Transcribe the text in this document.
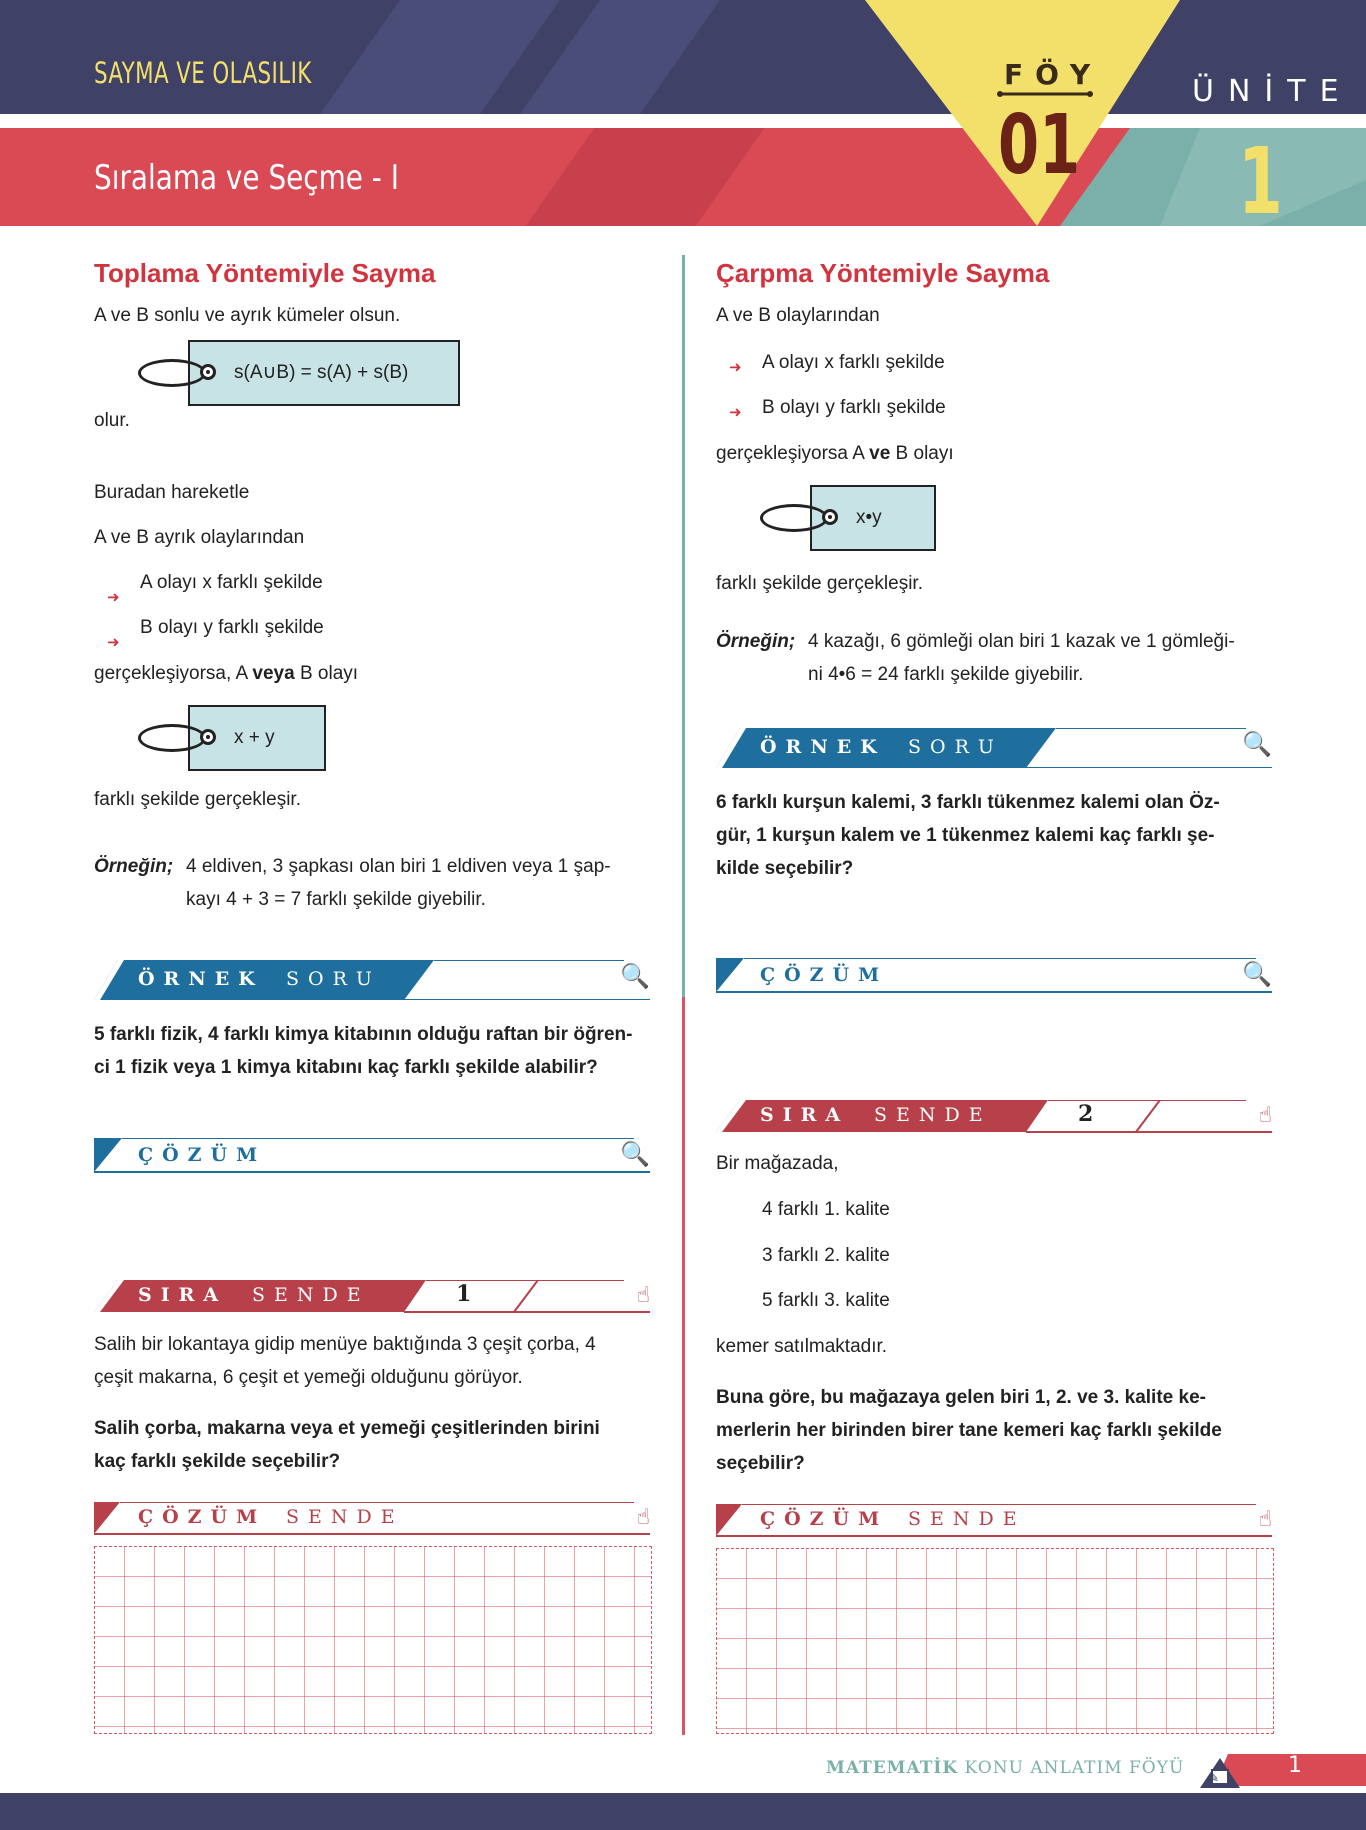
SAYMA VE OLASILIK
Sıralama ve Seçme - I
FÖY
01
ÜNİTE
1
Toplama Yöntemiyle Sayma
A ve B sonlu ve ayrık kümeler olsun.
s(A∪B) = s(A) + s(B)
olur.
Buradan hareketle
A ve B ayrık olaylarından
➜
A olayı x farklı şekilde
➜
B olayı y farklı şekilde
gerçekleşiyorsa, A veya B olayı
x + y
farklı şekilde gerçekleşir.
Örneğin; 4 eldiven, 3 şapkası olan biri 1 eldiven veya 1 şap-
kayı 4 + 3 = 7 farklı şekilde giyebilir.
ÖRNEK SORU	🔍
5 farklı fizik, 4 farklı kimya kitabının olduğu raftan bir öğren-
ci 1 fizik veya 1 kimya kitabını kaç farklı şekilde alabilir?
ÇÖZÜM	🔍
SIRA SENDE	1	☝
Salih bir lokantaya gidip menüye baktığında 3 çeşit çorba, 4
çeşit makarna, 6 çeşit et yemeği olduğunu görüyor.
Salih çorba, makarna veya et yemeği çeşitlerinden birini
kaç farklı şekilde seçebilir?
ÇÖZÜM SENDE	☝
Çarpma Yöntemiyle Sayma
A ve B olaylarından
➜ A olayı x farklı şekilde
➜ B olayı y farklı şekilde
gerçekleşiyorsa A ve B olayı
x•y
farklı şekilde gerçekleşir.
Örneğin; 4 kazağı, 6 gömleği olan biri 1 kazak ve 1 gömleği-
ni 4•6 = 24 farklı şekilde giyebilir.
ÖRNEK SORU	🔍
6 farklı kurşun kalemi, 3 farklı tükenmez kalemi olan Öz-
gür, 1 kurşun kalem ve 1 tükenmez kalemi kaç farklı şe-
kilde seçebilir?
ÇÖZÜM	🔍
SIRA SENDE	2	☝
Bir mağazada,
4 farklı 1. kalite
3 farklı 2. kalite
5 farklı 3. kalite
kemer satılmaktadır.
Buna göre, bu mağazaya gelen biri 1, 2. ve 3. kalite ke-
merlerin her birinden birer tane kemeri kaç farklı şekilde
seçebilir?
ÇÖZÜM SENDE	☝
MATEMATİK KONU ANLATIM FÖYÜ ✎	1
